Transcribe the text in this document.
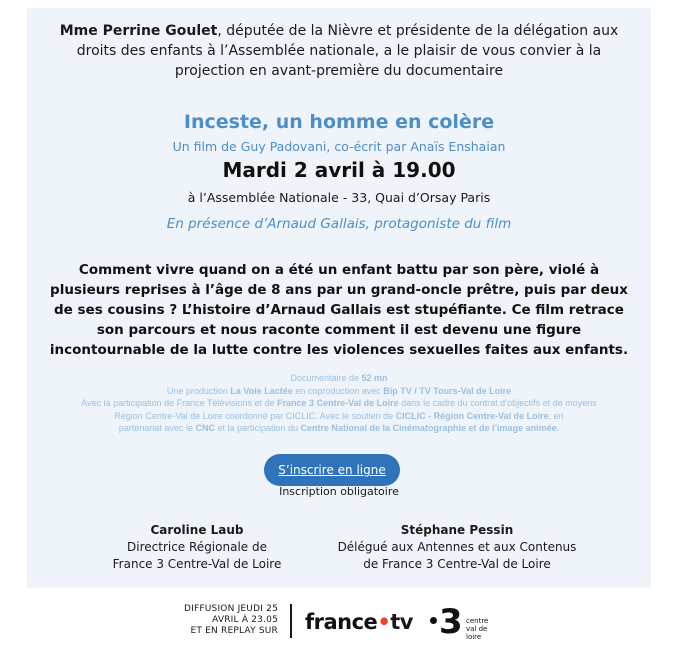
Mme Perrine Goulet, députée de la Nièvre et présidente de la délégation aux droits des enfants à l’Assemblée nationale, a le plaisir de vous convier à la projection en avant-première du documentaire

Inceste, un homme en colère
Un film de Guy Padovani, co-écrit par Anaïs Enshaian
Mardi 2 avril à 19.00
à l’Assemblée Nationale - 33, Quai d’Orsay Paris
En présence d’Arnaud Gallais, protagoniste du film

Comment vivre quand on a été un enfant battu par son père, violé à plusieurs reprises à l’âge de 8 ans par un grand-oncle prêtre, puis par deux de ses cousins ? L’histoire d’Arnaud Gallais est stupéfiante. Ce film retrace son parcours et nous raconte comment il est devenu une figure incontournable de la lutte contre les violences sexuelles faites aux enfants.

Documentaire de 52 mn
Une production La Voie Lactée en coproduction avec Bip TV / TV Tours-Val de Loire
Avec la participation de France Télévisions et de France 3 Centre-Val de Loire dans le cadre du contrat d’objectifs et de moyens
Région Centre-Val de Loire coordonné par CICLIC. Avec le soutien de CICLIC - Région Centre-Val de Loire, en
partenariat avec le CNC et la participation du Centre National de la Cinématographie et de l’image animée.
S’inscrire en ligne
Inscription obligatoire
Caroline Laub
Directrice Régionale de
France 3 Centre-Val de Loire
Stéphane Pessin
Délégué aux Antennes et aux Contenus
de France 3 Centre-Val de Loire
DIFFUSION JEUDI 25
AVRIL À 23.05
ET EN REPLAY SUR france•tv 3 centre
val de loire
